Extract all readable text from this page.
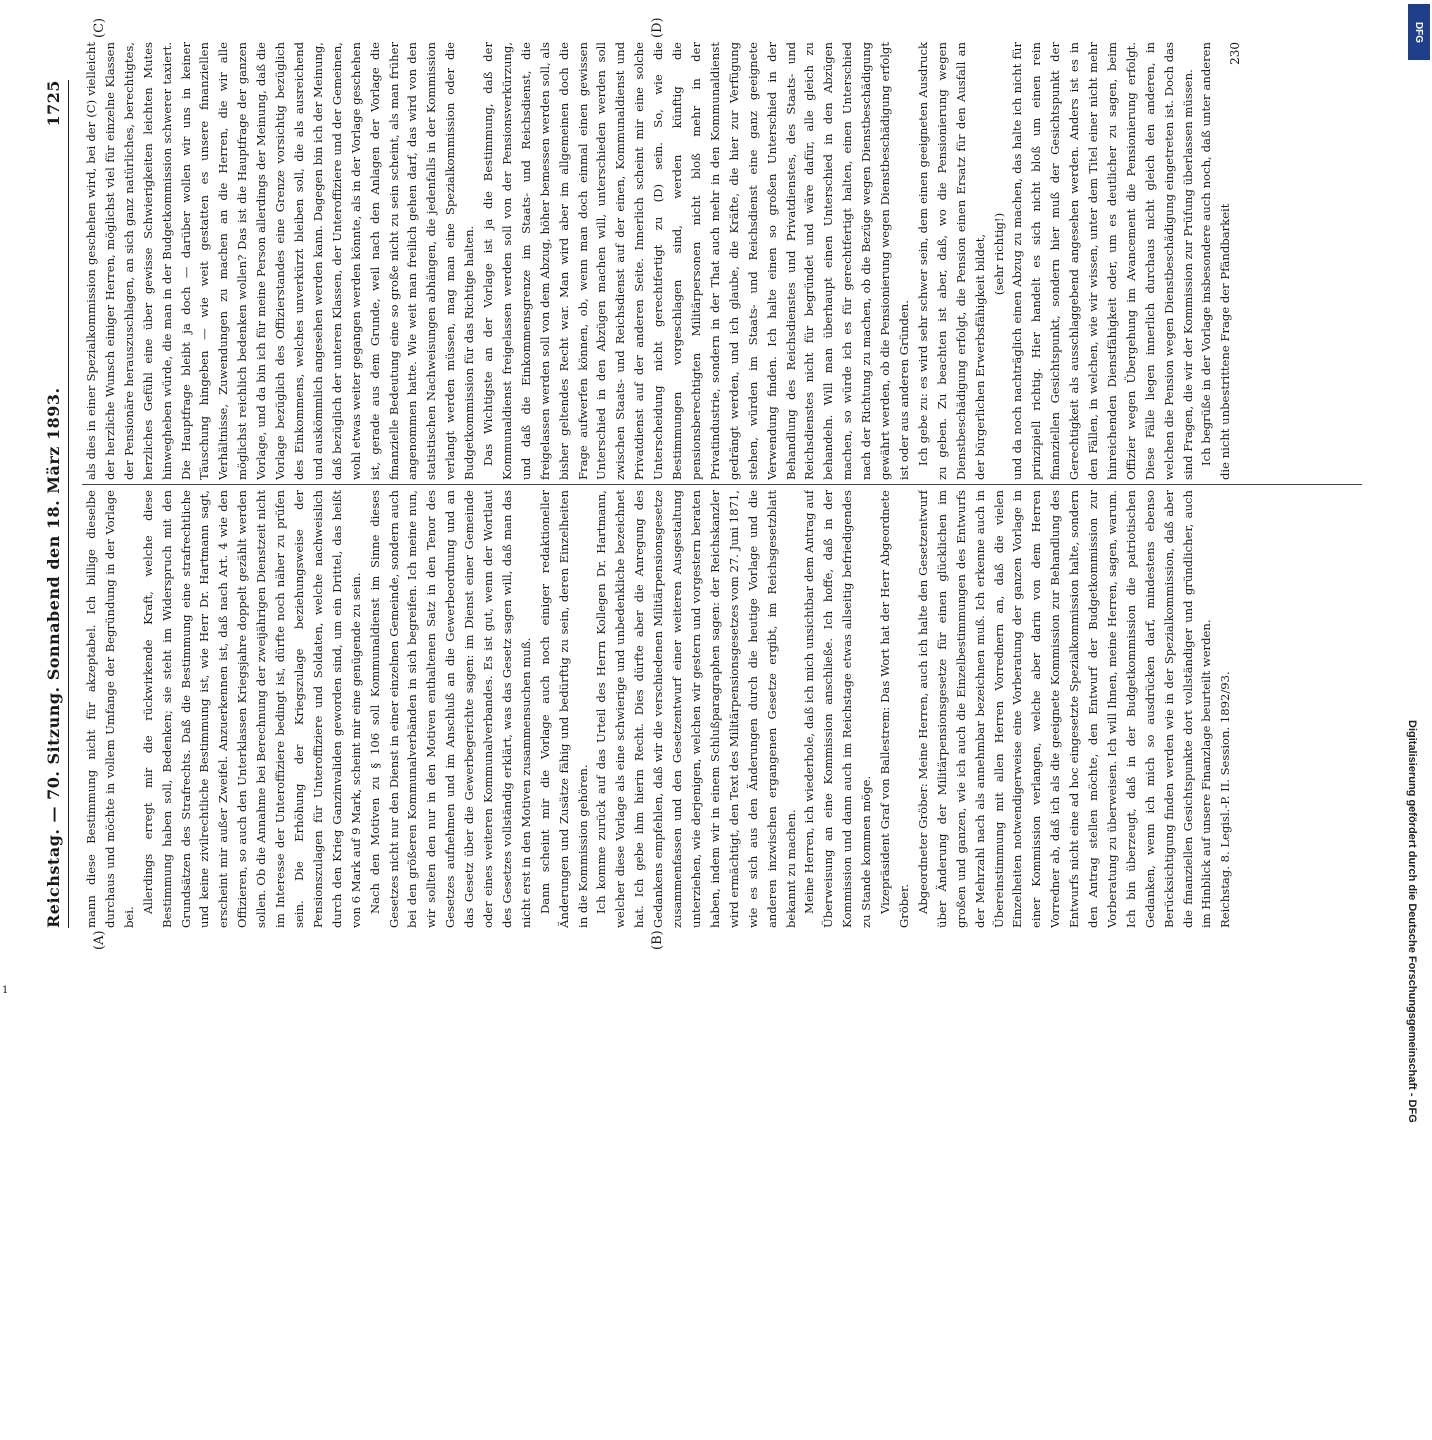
Reichstag. — 70. Sitzung. Sonnabend den 18. März 1893.
1725
(A)	(B)
(C)	(D)

mann diese Bestimmung nicht für akzeptabel. Ich billige dieselbe durchaus und möchte in vollem Umfange der Begründung in der Vorlage bei.

Allerdings erregt mir die rückwirkende Kraft, welche diese Bestimmung haben soll, Bedenken; sie steht im Widerspruch mit den Grundsätzen des Strafrechts. Daß die Bestimmung eine strafrechtliche und keine zivilrechtliche Bestimmung ist, wie Herr Dr. Hartmann sagt, erscheint mir außer Zweifel. Anzuerkennen ist, daß nach Art. 4 wie den Offizieren, so auch den Unterklassen Kriegsjahre doppelt gezählt werden sollen. Ob die Annahme bei Berechnung der zweijährigen Dienstzeit nicht im Interesse der Unteroffiziere bedingt ist, dürfte noch näher zu prüfen sein. Die Erhöhung der Kriegszulage beziehungsweise der Pensionszulagen für Unteroffiziere und Soldaten, welche nachweislich durch den Krieg Ganzinvaliden geworden sind, um ein Drittel, das heißt von 6 Mark auf 9 Mark, scheint mir eine genügende zu sein. Nach den Motiven zu § 106 soll Kommunaldienst im Sinne dieses Gesetzes nicht nur den Dienst in einer einzelnen Gemeinde, sondern auch bei den größeren Kommunalverbänden in sich begreifen. Ich meine nun, wir sollten den nur in den Motiven enthaltenen Satz in den Tenor des Gesetzes aufnehmen und im Anschluß an die Gewerbeordnung und an das Gesetz über die Gewerbegerichte sagen: im Dienst einer Gemeinde oder eines weiteren Kommunalverbandes. Es ist gut, wenn der Wortlaut des Gesetzes vollständig erklärt, was das Gesetz sagen will, daß man das nicht erst in den Motiven zusammensuchen muß. Dann scheint mir die Vorlage auch noch einiger redaktioneller Änderungen und Zusätze fähig und bedürftig zu sein, deren Einzelheiten in die Kommission gehören. Ich komme zurück auf das Urteil des Herrn Kollegen Dr. Hartmann, welcher diese Vorlage als eine schwierige und unbedenkliche bezeichnet hat. Ich gebe ihm hierin Recht. Dies dürfte aber die Anregung des Gedankens empfehlen, daß wir die verschiedenen Militärpensionsgesetze zusammenfassen und den Gesetzentwurf einer weiteren Ausgestaltung unterziehen, wie derjenigen, welchen wir gestern und vorgestern beraten haben, indem wir in einem Schlußparagraphen sagen: der Reichskanzler wird ermächtigt, den Text des Militärpensionsgesetzes vom 27. Juni 1871, wie es sich aus den Änderungen durch die heutige Vorlage und die anderen inzwischen ergangenen Gesetze ergibt, im Reichsgesetzblatt bekannt zu machen. Meine Herren, ich wiederhole, daß ich mich unsichtbar dem Antrag auf Überweisung an eine Kommission anschließe. Ich hoffe, daß in der Kommission und dann auch im Reichstage etwas allseitig befriedigendes zu Stande kommen möge. Vizepräsident Graf von Ballestrem: Das Wort hat der Herr Abgeordnete Gröber. Abgeordneter Gröber: Meine Herren, auch ich halte den Gesetzentwurf über Änderung der Militärpensionsgesetze für einen glücklichen im großen und ganzen, wie ich auch die Einzelbestimmungen des Entwurfs der Mehrzahl nach als annehmbar bezeichnen muß. Ich erkenne auch in Übereinstimmung mit allen Herren Vorrednern an, daß die vielen Einzelheiten notwendigerweise eine Vorberatung der ganzen Vorlage in einer Kommission verlangen, welche aber darin von dem Herren Vorredner ab, daß ich als die geeignete Kommission zur Behandlung des Entwurfs nicht eine ad hoc eingesetzte Spezialkommission halte, sondern den Antrag stellen möchte, den Entwurf der Budgetkommission zur Vorberatung zu überweisen. Ich will Ihnen, meine Herren, sagen, warum. Ich bin überzeugt, daß in der Budgetkommission die patriotischen Gedanken, wenn ich mich so ausdrücken darf, mindestens ebenso Berücksichtigung finden werden wie in der Spezialkommission, daß aber die finanziellen Gesichtspunkte dort vollständiger und gründlicher, auch im Hinblick auf unsere Finanzlage beurteilt werden. Reichstag. 8. Legisl.-P. II. Session. 1892/93.

als dies in einer Spezialkommission geschehen wird, bei der (C) vielleicht der herzliche Wunsch einiger Herren, möglichst viel für einzelne Klassen der Pensionäre herauszuschlagen, an sich ganz natürliches, berechtigtes, herzliches Gefühl eine über gewisse Schwierigkeiten leichten Mutes hinwegheben würde, die man in der Budgetkommission schwerer taxiert. Die Hauptfrage bleibt ja doch — darüber wollen wir uns in keiner Täuschung hingeben — wie weit gestatten es unsere finanziellen Verhältnisse, Zuwendungen zu machen an die Herren, die wir alle möglichst reichlich bedenken wollen? Das ist die Hauptfrage der ganzen Vorlage, und da bin ich für meine Person allerdings der Meinung, daß die Vorlage bezüglich des Offizierstandes eine Grenze vorsichtig bezüglich des Einkommens, welches unverkürzt bleiben soll, die als ausreichend und auskömmlich angesehen werden kann. Dagegen bin ich der Meinung, daß bezüglich der unteren Klassen, der Unteroffiziere und der Gemeinen, wohl etwas weiter gegangen werden könnte, als in der Vorlage geschehen ist, gerade aus dem Grunde, weil nach den Anlagen der Vorlage die finanzielle Bedeutung eine so große nicht zu sein scheint, als man früher angenommen hatte. Wie weit man freilich gehen darf, das wird von den statistischen Nachweisungen abhängen, die jedenfalls in der Kommission verlangt werden müssen, mag man eine Spezialkommission oder die Budgetkommission für das Richtige halten. Das Wichtigste an der Vorlage ist ja die Bestimmung, daß der Kommunaldienst freigelassen werden soll von der Pensionsverkürzung, und daß die Einkommensgrenze im Staats- und Reichsdienst, die freigelassen werden soll von dem Abzug, höher bemessen werden soll, als bisher geltendes Recht war. Man wird aber im allgemeinen doch die Frage aufwerfen können, ob, wenn man doch einmal einen gewissen Unterschied in den Abzügen machen will, unterschieden werden soll zwischen Staats- und Reichsdienst auf der einen, Kommunaldienst und Privatdienst auf der anderen Seite. Innerlich scheint mir eine solche Unterscheidung nicht gerechtfertigt zu (D) sein. So, wie die Bestimmungen vorgeschlagen sind, werden künftig die pensionsberechtigten Militärpersonen nicht bloß mehr in der Privatindustrie, sondern in der That auch mehr in den Kommunaldienst gedrängt werden, und ich glaube, die Kräfte, die hier zur Verfügung stehen, würden im Staats- und Reichsdienst eine ganz geeignete Verwendung finden. Ich halte einen so großen Unterschied in der Behandlung des Reichsdienstes und Privatdienstes, des Staats- und Reichsdienstes nicht für begründet und wäre dafür, alle gleich zu behandeln. Will man überhaupt einen Unterschied in den Abzügen machen, so würde ich es für gerechtfertigt halten, einen Unterschied nach der Richtung zu machen, ob die Bezüge wegen Dienstbeschädigung gewährt werden, ob die Pensionierung wegen Dienstbeschädigung erfolgt ist oder aus anderen Gründen. Ich gebe zu: es wird sehr schwer sein, dem einen geeigneten Ausdruck zu geben. Zu beachten ist aber, daß, wo die Pensionierung wegen Dienstbeschädigung erfolgt, die Pension einen Ersatz für den Ausfall an der bürgerlichen Erwerbsfähigkeit bildet, (sehr richtig!) und da noch nachträglich einen Abzug zu machen, das halte ich nicht für prinzipiell richtig. Hier handelt es sich nicht bloß um einen rein finanziellen Gesichtspunkt, sondern hier muß der Gesichtspunkt der Gerechtigkeit als ausschlaggebend angesehen werden. Anders ist es in den Fällen, in welchen, wie wir wissen, unter dem Titel einer nicht mehr hinreichenden Dienstfähigkeit oder, um es deutlicher zu sagen, beim Offizier wegen Übergehung im Avancement die Pensionierung erfolgt. Diese Fälle liegen innerlich durchaus nicht gleich den anderen, in welchen die Pension wegen Dienstbeschädigung eingetreten ist. Doch das sind Fragen, die wir der Kommission zur Prüfung überlassen müssen. Ich begrüße in der Vorlage insbesondere auch noch, daß unter anderen die nicht unbestrittene Frage der Pfändbarkeit

230
Digitalisierung gefördert durch die Deutsche Forschungsgemeinschaft - DFG
DFG
1
